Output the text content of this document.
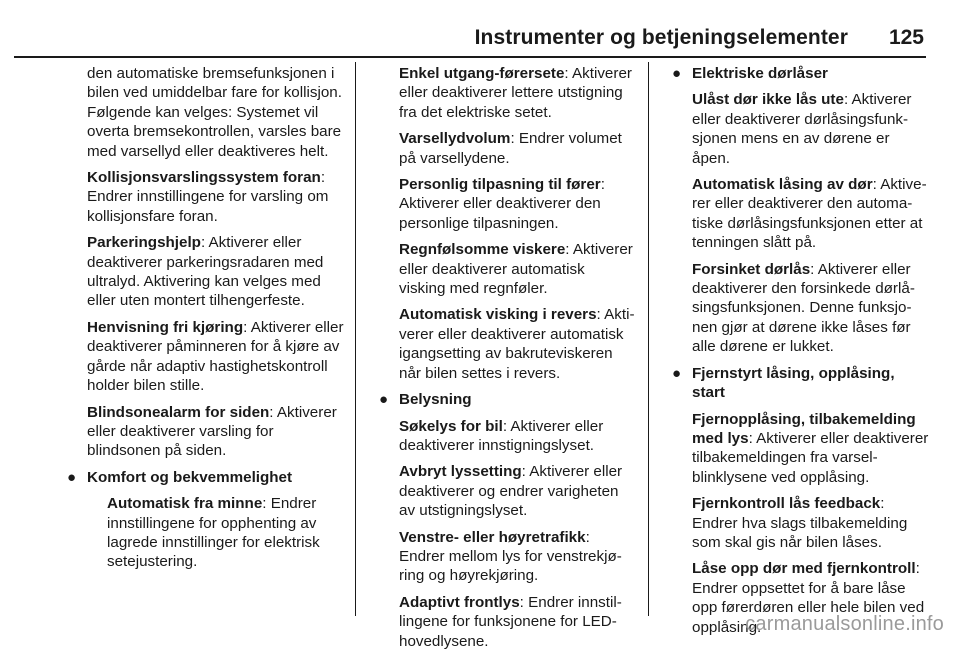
Instrumenter og betjeningselementer 125

den automatiske bremsefunksjonen i bilen ved umiddelbar fare for kollisjon. Følgende kan velges: Systemet vil overta bremsekontrollen, varsles bare med varsellyd eller deaktiveres helt.

Kollisjonsvarslingssystem foran: Endrer innstillingene for varsling om kollisjonsfare foran.

Parkeringshjelp: Aktiverer eller deaktiverer parkeringsradaren med ultralyd. Aktivering kan velges med eller uten montert tilhengerfeste.

Henvisning fri kjøring: Aktiverer eller deaktiverer påminneren for å kjøre av gårde når adaptiv hastighetskontroll holder bilen stille.

Blindsonealarm for siden: Aktiverer eller deaktiverer varsling for blindsonen på siden.

● Komfort og bekvemmelighet

Automatisk fra minne: Endrer innstillingene for opphenting av lagrede innstillinger for elektrisk setejustering.

Enkel utgang-førersete: Aktiverer eller deaktiverer lettere utstigning fra det elektriske setet.

Varsellydvolum: Endrer volumet på varsellydene.

Personlig tilpasning til fører: Aktiverer eller deaktiverer den personlige tilpasningen.

Regnfølsomme viskere: Aktiverer eller deaktiverer automatisk visking med regnføler.

Automatisk visking i revers: Aktiverer eller deaktiverer automatisk igangsetting av bakruteviskeren når bilen settes i revers.

● Belysning

Søkelys for bil: Aktiverer eller deaktiverer innstigningslyset.

Avbryt lyssetting: Aktiverer eller deaktiverer og endrer varigheten av utstigningslyset.

Venstre- eller høyretrafikk: Endrer mellom lys for venstrekjøring og høyrekjøring.

Adaptivt frontlys: Endrer innstillingene for funksjonene for LED-hovedlysene.

● Elektriske dørlåser

Ulåst dør ikke lås ute: Aktiverer eller deaktiverer dørlåsingsfunksjonen mens en av dørene er åpen.

Automatisk låsing av dør: Aktiverer eller deaktiverer den automatiske dørlåsingsfunksjonen etter at tenningen slått på.

Forsinket dørlås: Aktiverer eller deaktiverer den forsinkede dørlåsingsfunksjonen. Denne funksjonen gjør at dørene ikke låses før alle dørene er lukket.

● Fjernstyrt låsing, opplåsing, start

Fjernopplåsing, tilbakemelding med lys: Aktiverer eller deaktiverer tilbakemeldingen fra varselblinklysene ved opplåsing.

Fjernkontroll lås feedback: Endrer hva slags tilbakemelding som skal gis når bilen låses.

Låse opp dør med fjernkontroll: Endrer oppsettet for å bare låse opp førerdøren eller hele bilen ved opplåsing.

carmanualsonline.info
